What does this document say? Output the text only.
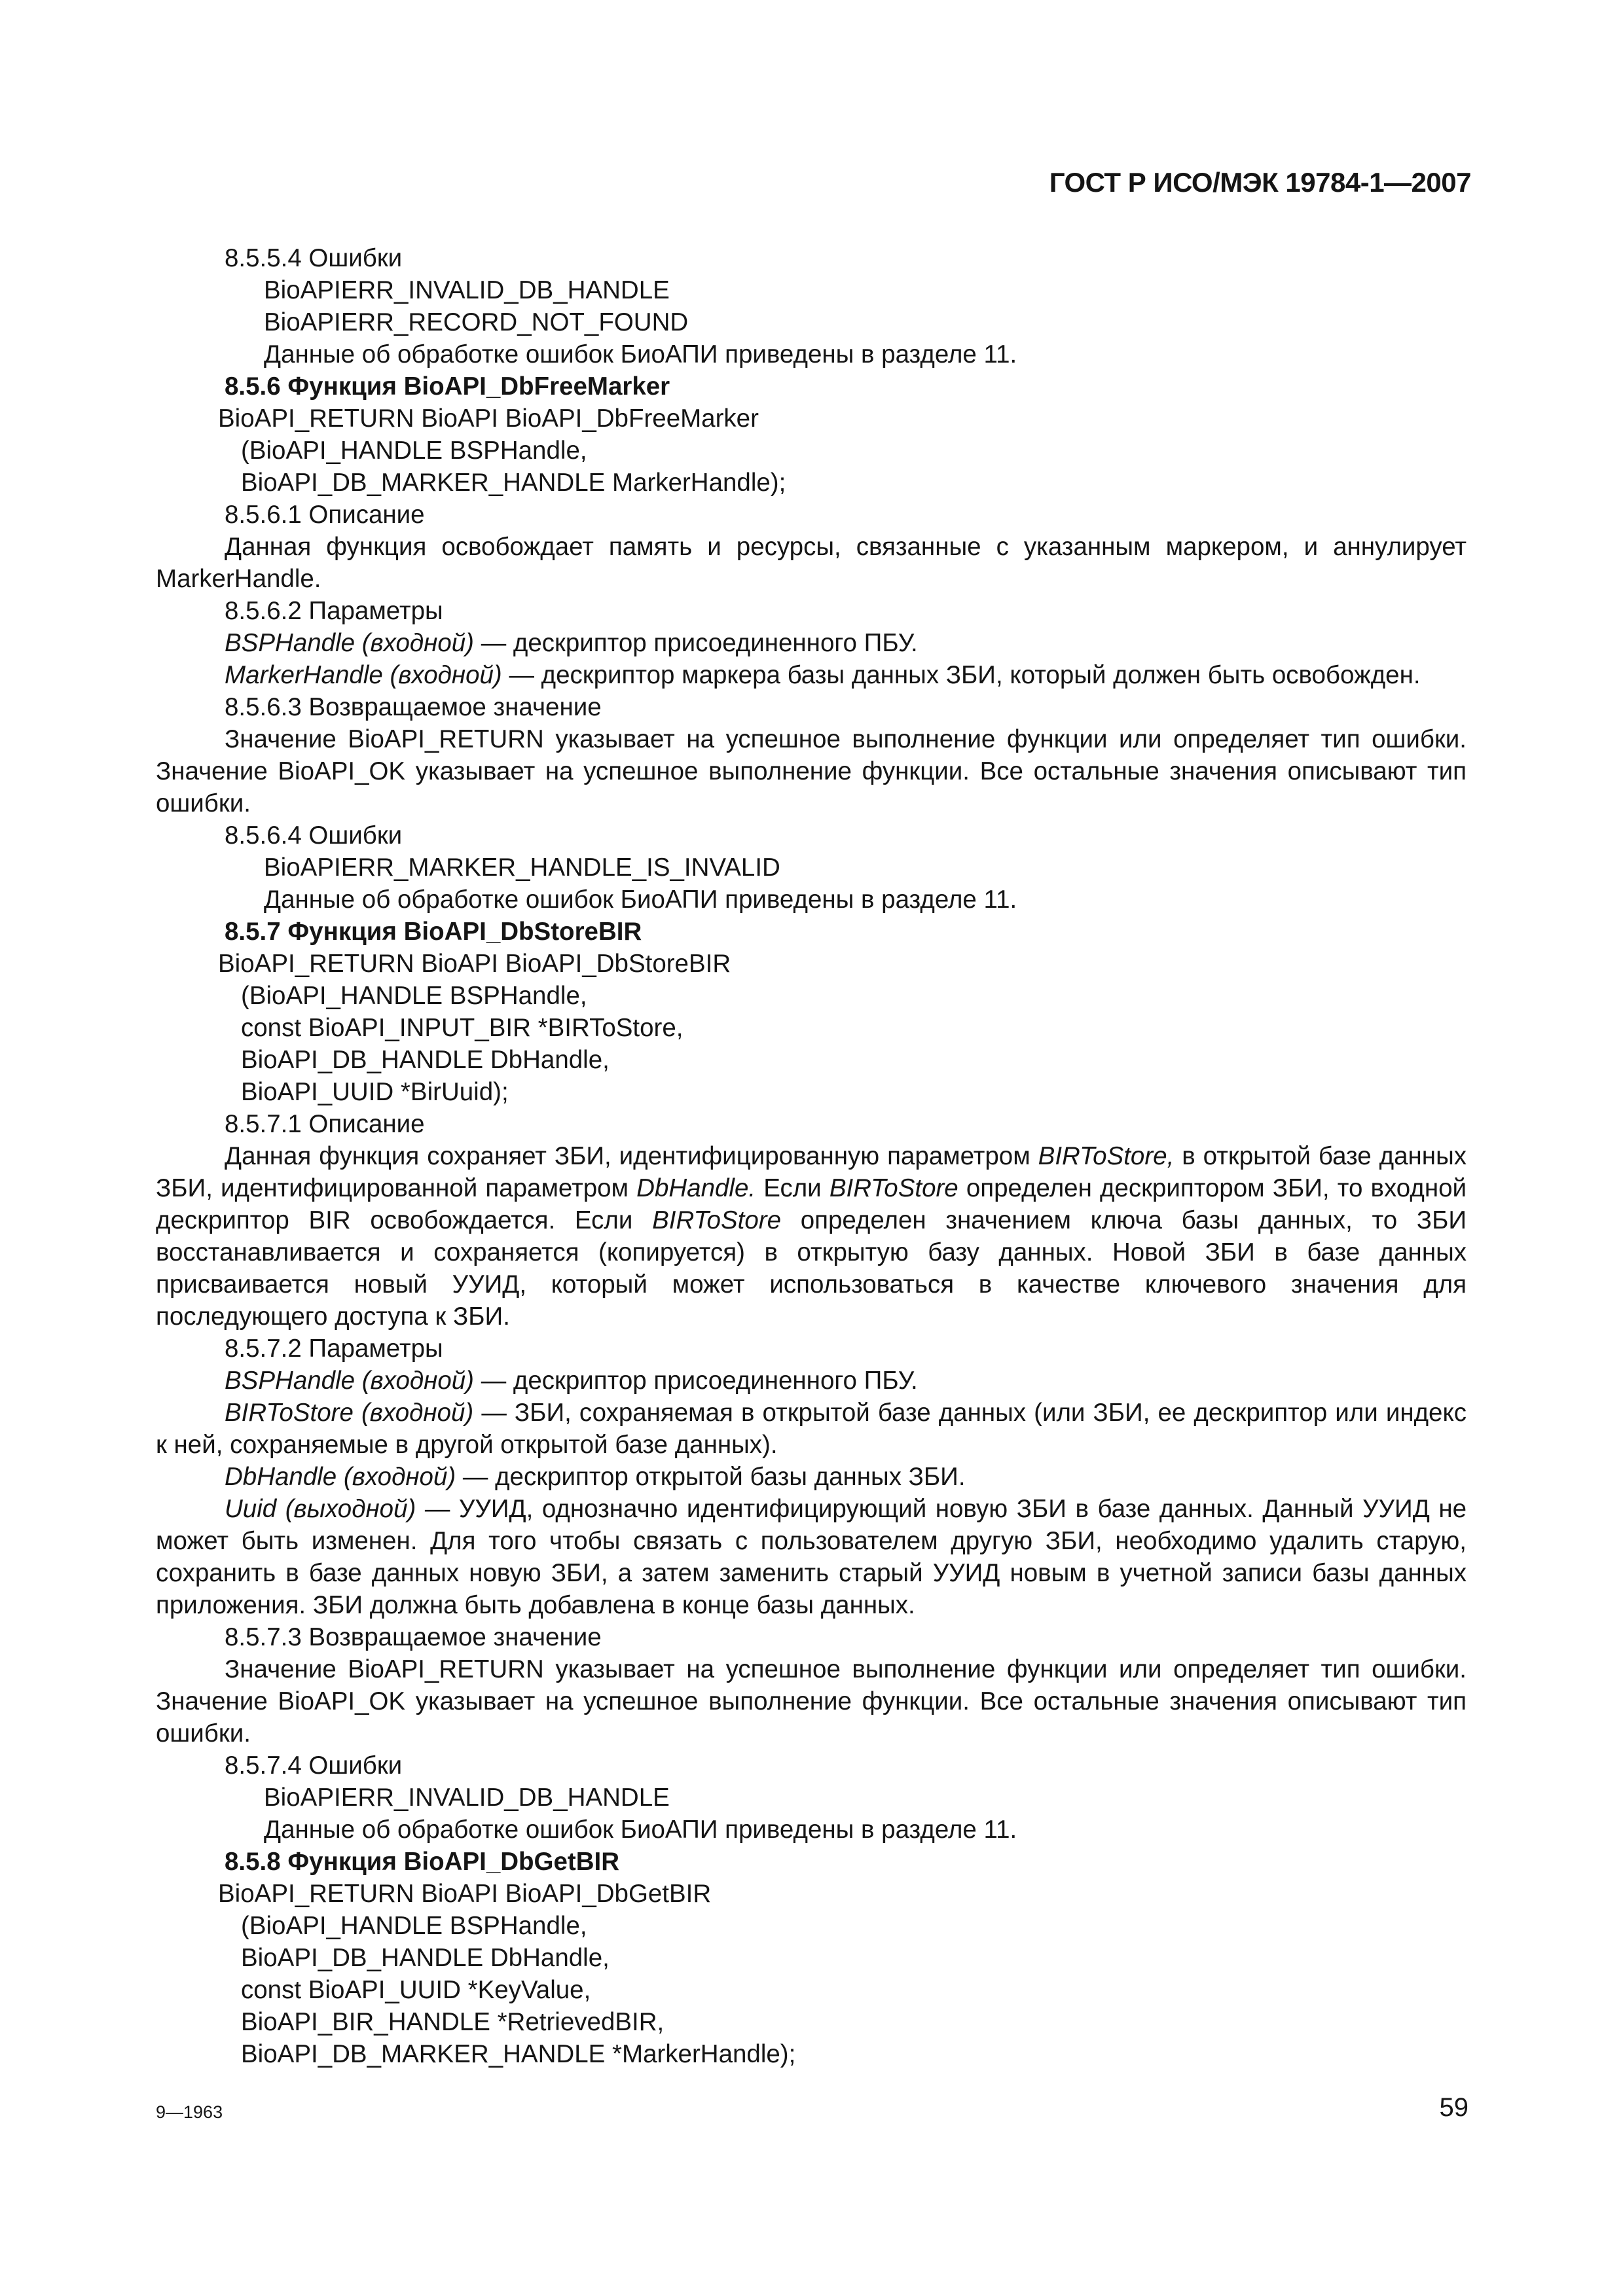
ГОСТ Р ИСО/МЭК 19784-1—2007
8.5.5.4 Ошибки
BioAPIERR_INVALID_DB_HANDLE
BioAPIERR_RECORD_NOT_FOUND
Данные об обработке ошибок БиоАПИ приведены в разделе 11.
8.5.6 Функция BioAPI_DbFreeMarker
BioAPI_RETURN BioAPI BioAPI_DbFreeMarker
(BioAPI_HANDLE BSPHandle,
BioAPI_DB_MARKER_HANDLE MarkerHandle);
8.5.6.1 Описание
Данная функция освобождает память и ресурсы, связанные с указанным маркером, и аннулирует MarkerHandle.
8.5.6.2 Параметры
BSPHandle (входной) — дескриптор присоединенного ПБУ.
MarkerHandle (входной) — дескриптор маркера базы данных ЗБИ, который должен быть освобожден.
8.5.6.3 Возвращаемое значение
Значение BioAPI_RETURN указывает на успешное выполнение функции или определяет тип ошибки. Значение BioAPI_OK указывает на успешное выполнение функции. Все остальные значения описывают тип ошибки.
8.5.6.4 Ошибки
BioAPIERR_MARKER_HANDLE_IS_INVALID
Данные об обработке ошибок БиоАПИ приведены в разделе 11.
8.5.7 Функция BioAPI_DbStoreBIR
BioAPI_RETURN BioAPI BioAPI_DbStoreBIR
(BioAPI_HANDLE BSPHandle,
const BioAPI_INPUT_BIR *BIRToStore,
BioAPI_DB_HANDLE DbHandle,
BioAPI_UUID *BirUuid);
8.5.7.1 Описание
Данная функция сохраняет ЗБИ, идентифицированную параметром BIRToStore, в открытой базе данных ЗБИ, идентифицированной параметром DbHandle. Если BIRToStore определен дескриптором ЗБИ, то входной дескриптор BIR освобождается. Если BIRToStore определен значением ключа базы данных, то ЗБИ восстанавливается и сохраняется (копируется) в открытую базу данных. Новой ЗБИ в базе данных присваивается новый УУИД, который может использоваться в качестве ключевого значения для последующего доступа к ЗБИ.
8.5.7.2 Параметры
BSPHandle (входной) — дескриптор присоединенного ПБУ.
BIRToStore (входной) — ЗБИ, сохраняемая в открытой базе данных (или ЗБИ, ее дескриптор или индекс к ней, сохраняемые в другой открытой базе данных).
DbHandle (входной) — дескриптор открытой базы данных ЗБИ.
Uuid (выходной) — УУИД, однозначно идентифицирующий новую ЗБИ в базе данных. Данный УУИД не может быть изменен. Для того чтобы связать с пользователем другую ЗБИ, необходимо удалить старую, сохранить в базе данных новую ЗБИ, а затем заменить старый УУИД новым в учетной записи базы данных приложения. ЗБИ должна быть добавлена в конце базы данных.
8.5.7.3 Возвращаемое значение
Значение BioAPI_RETURN указывает на успешное выполнение функции или определяет тип ошибки. Значение BioAPI_OK указывает на успешное выполнение функции. Все остальные значения описывают тип ошибки.
8.5.7.4 Ошибки
BioAPIERR_INVALID_DB_HANDLE
Данные об обработке ошибок БиоАПИ приведены в разделе 11.
8.5.8 Функция BioAPI_DbGetBIR
BioAPI_RETURN BioAPI BioAPI_DbGetBIR
(BioAPI_HANDLE BSPHandle,
BioAPI_DB_HANDLE DbHandle,
const BioAPI_UUID *KeyValue,
BioAPI_BIR_HANDLE *RetrievedBIR,
BioAPI_DB_MARKER_HANDLE *MarkerHandle);
9—1963	59
